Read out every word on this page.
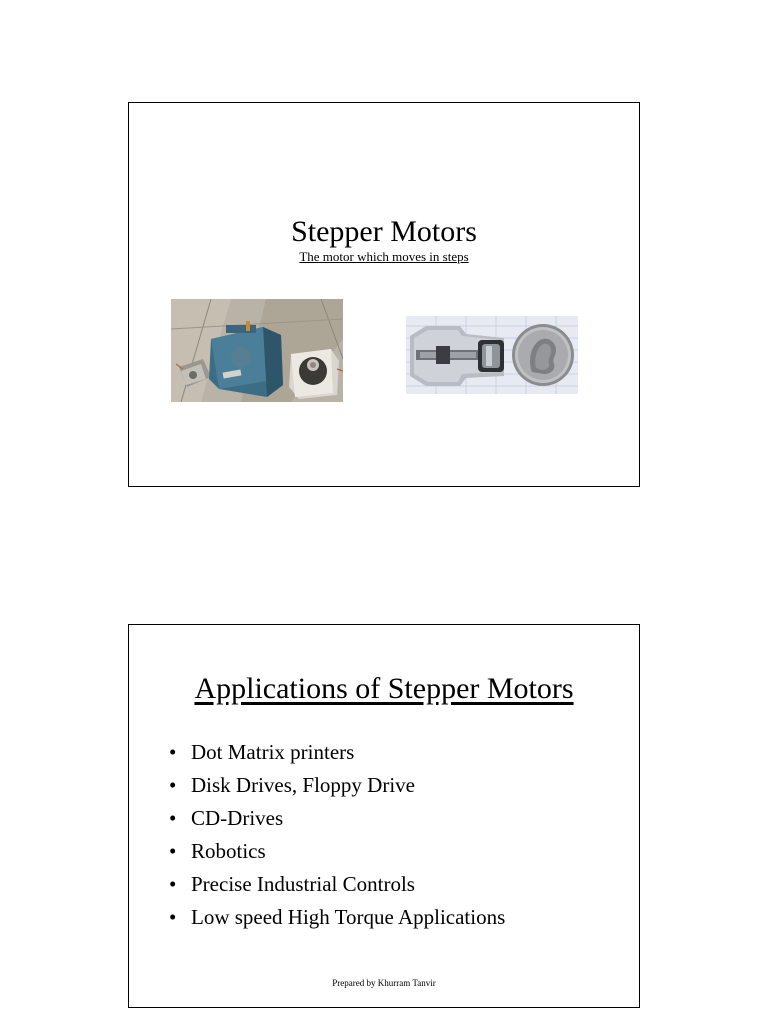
Stepper Motors
The motor which moves in steps
Applications of Stepper Motors
• Dot Matrix printers
• Disk Drives, Floppy Drive
• CD-Drives
• Robotics
• Precise Industrial Controls
• Low speed High Torque Applications
Prepared by Khurram Tanvir
